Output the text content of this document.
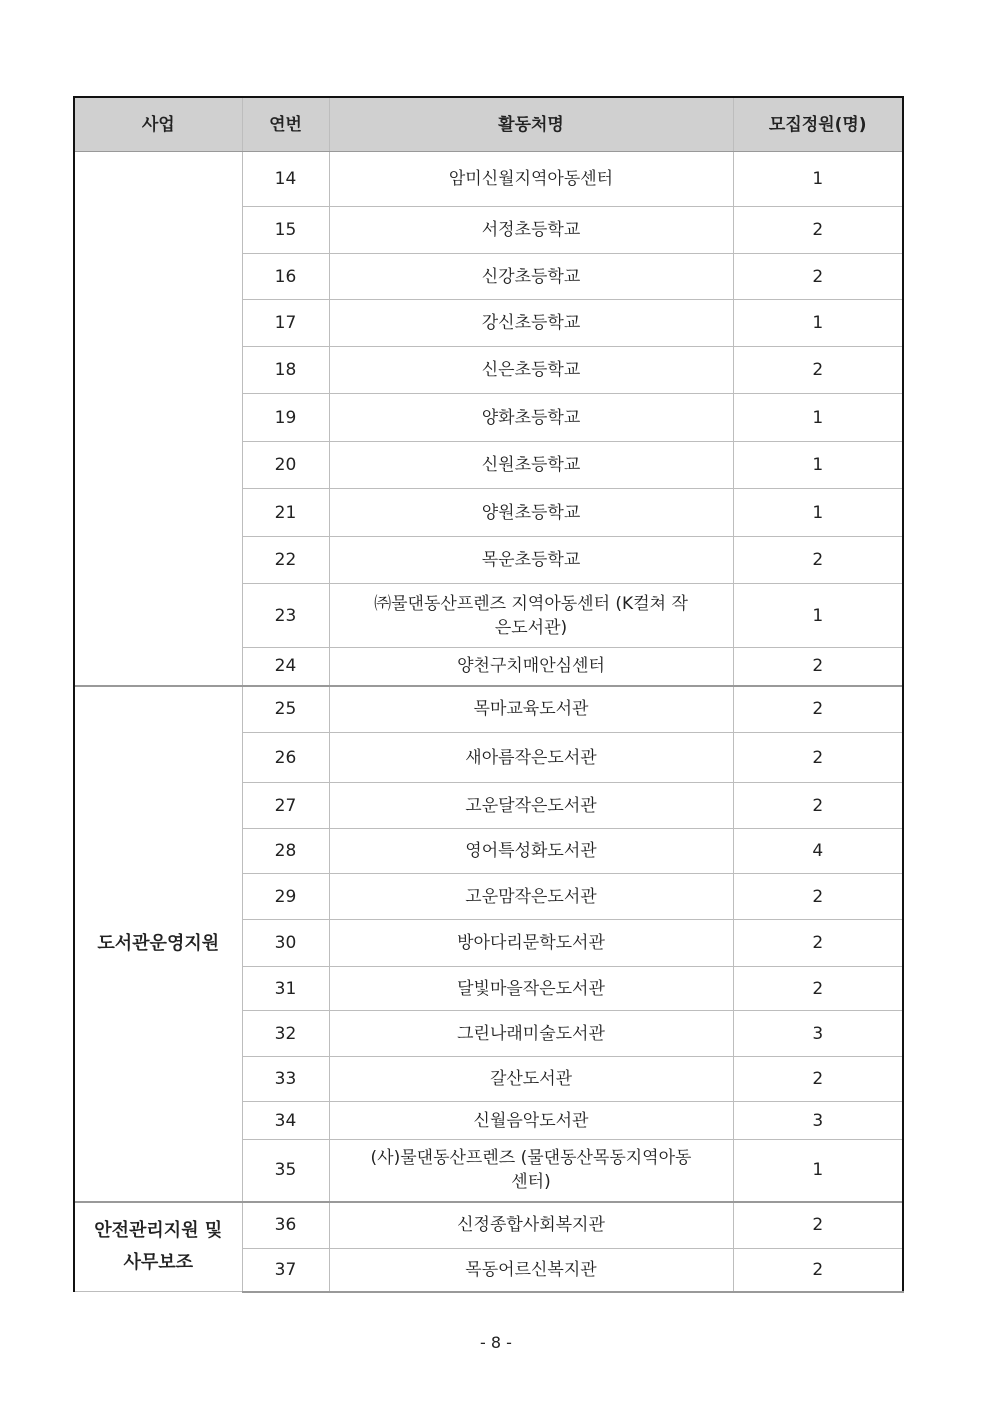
사업	연번	활동처명	모집정원(명)
	14	암미신월지역아동센터	1
	15	서정초등학교	2
	16	신강초등학교	2
	17	강신초등학교	1
	18	신은초등학교	2
	19	양화초등학교	1
	20	신원초등학교	1
	21	양원초등학교	1
	22	목운초등학교	2
	23	㈜물댄동산프렌즈 지역아동센터 (K컬쳐 작은도서관)	1
	24	양천구치매안심센터	2
도서관운영지원	25	목마교육도서관	2
	26	새아름작은도서관	2
	27	고운달작은도서관	2
	28	영어특성화도서관	4
	29	고운맘작은도서관	2
	30	방아다리문학도서관	2
	31	달빛마을작은도서관	2
	32	그린나래미술도서관	3
	33	갈산도서관	2
	34	신월음악도서관	3
	35	(사)물댄동산프렌즈 (물댄동산목동지역아동센터)	1
안전관리지원 및 사무보조	36	신정종합사회복지관	2
	37	목동어르신복지관	2
- 8 -
